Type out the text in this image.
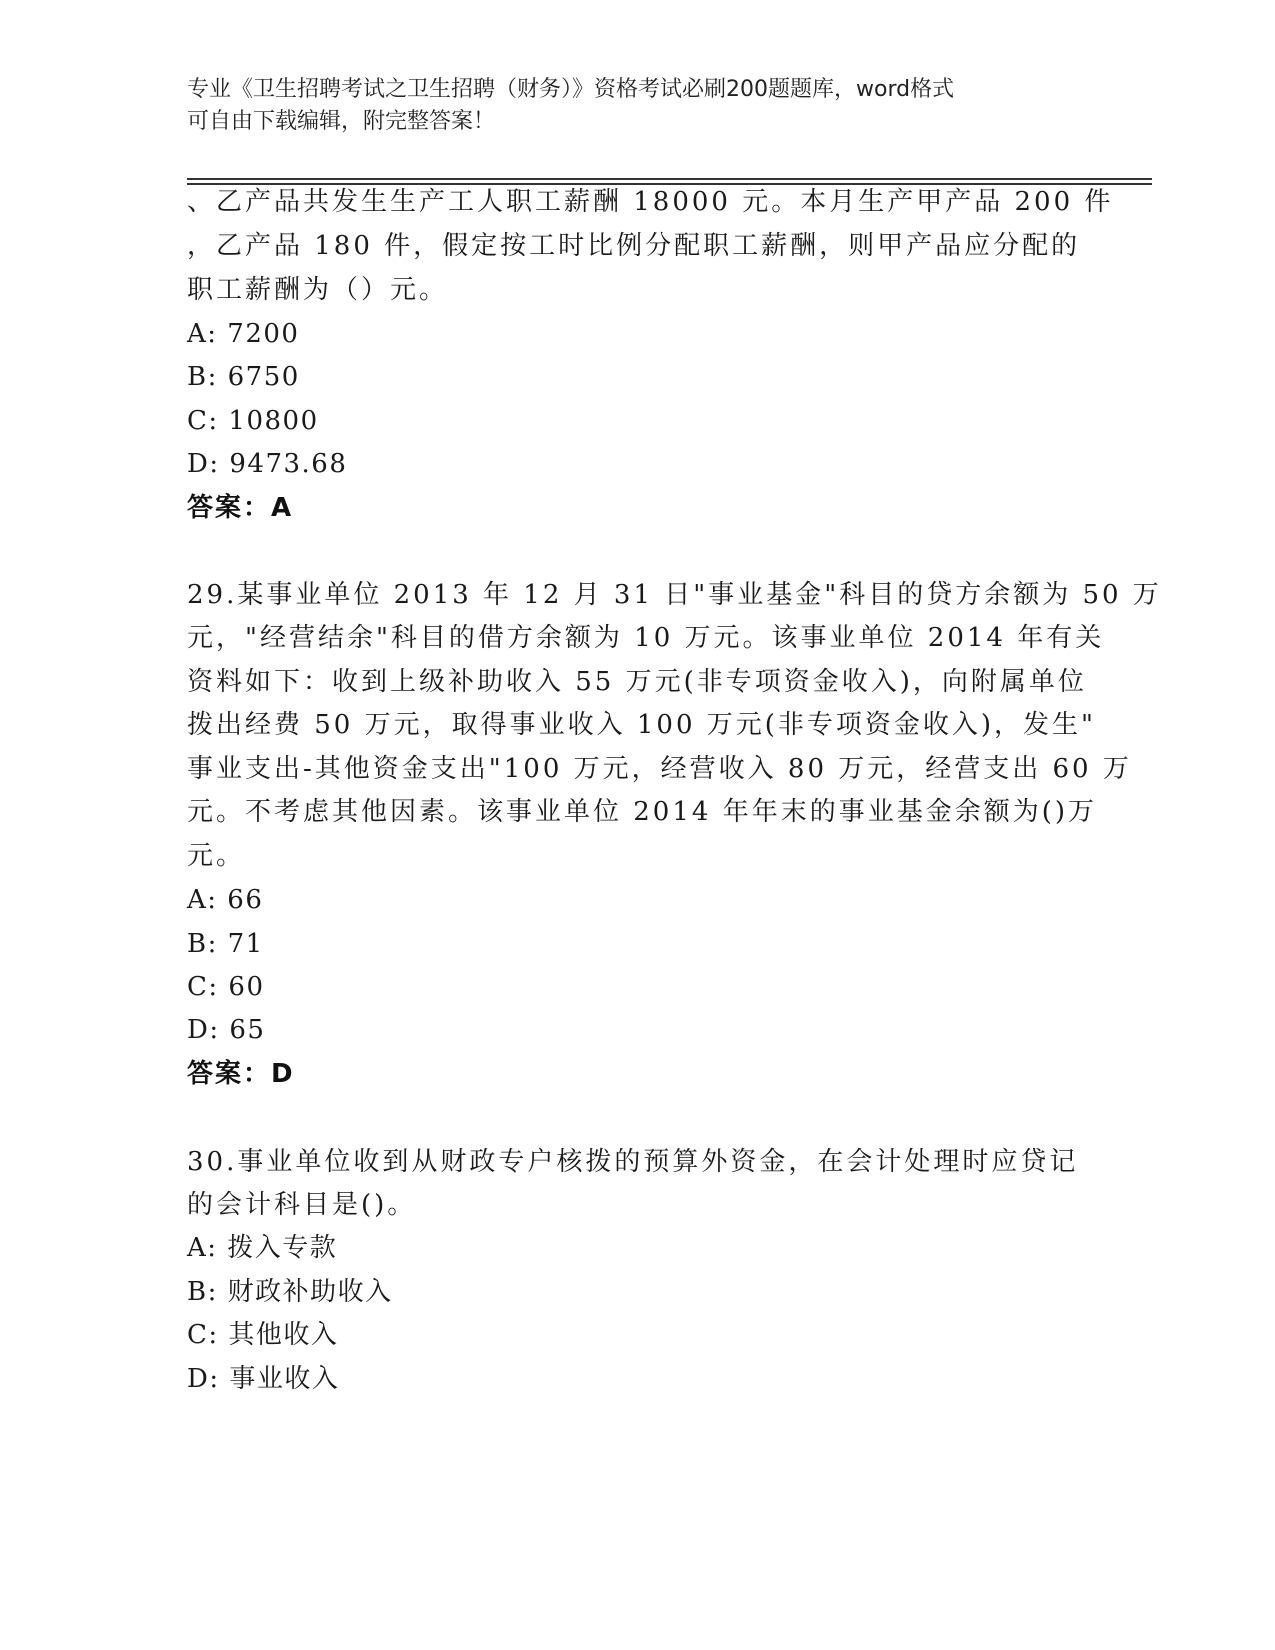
专业《卫生招聘考试之卫生招聘（财务）》资格考试必刷200题题库，word格式
可自由下载编辑，附完整答案！
、乙产品共发生生产工人职工薪酬 18000 元。本月生产甲产品 200 件
，乙产品 180 件，假定按工时比例分配职工薪酬，则甲产品应分配的
职工薪酬为（）元。
A: 7200
B: 6750
C: 10800
D: 9473.68
答案：A
29.某事业单位 2013 年 12 月 31 日"事业基金"科目的贷方余额为 50 万
元，"经营结余"科目的借方余额为 10 万元。该事业单位 2014 年有关
资料如下：收到上级补助收入 55 万元(非专项资金收入)，向附属单位
拨出经费 50 万元，取得事业收入 100 万元(非专项资金收入)，发生"
事业支出-其他资金支出"100 万元，经营收入 80 万元，经营支出 60 万
元。不考虑其他因素。该事业单位 2014 年年末的事业基金余额为()万
元。
A: 66
B: 71
C: 60
D: 65
答案：D
30.事业单位收到从财政专户核拨的预算外资金，在会计处理时应贷记
的会计科目是()。
A: 拨入专款
B: 财政补助收入
C: 其他收入
D: 事业收入
